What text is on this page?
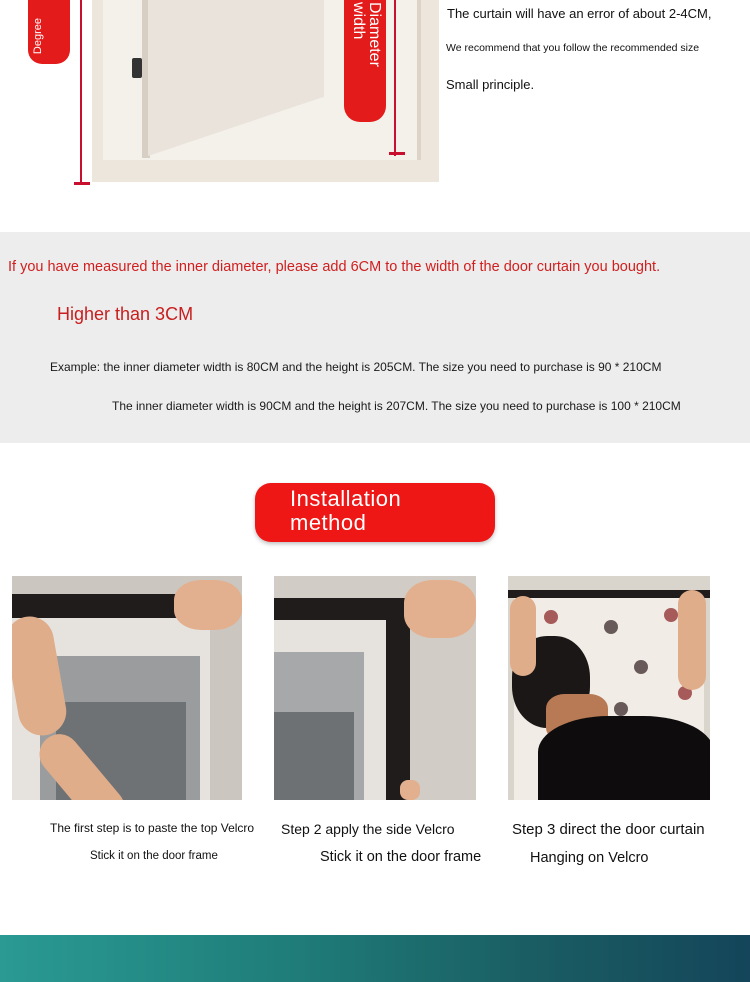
Degree	Diameter
width	The curtain will have an error of about 2-4CM,
We recommend that you follow the recommended size
Small principle.
If you have measured the inner diameter, please add 6CM to the width of the door curtain you bought.
Higher than 3CM
Example: the inner diameter width is 80CM and the height is 205CM. The size you need to purchase is 90 * 210CM
The inner diameter width is 90CM and the height is 207CM. The size you need to purchase is 100 * 210CM
Installation
method
The first step is to paste the top Velcro
Stick it on the door frame
Step 2 apply the side Velcro
Stick it on the door frame
Step 3 direct the door curtain
Hanging on Velcro
